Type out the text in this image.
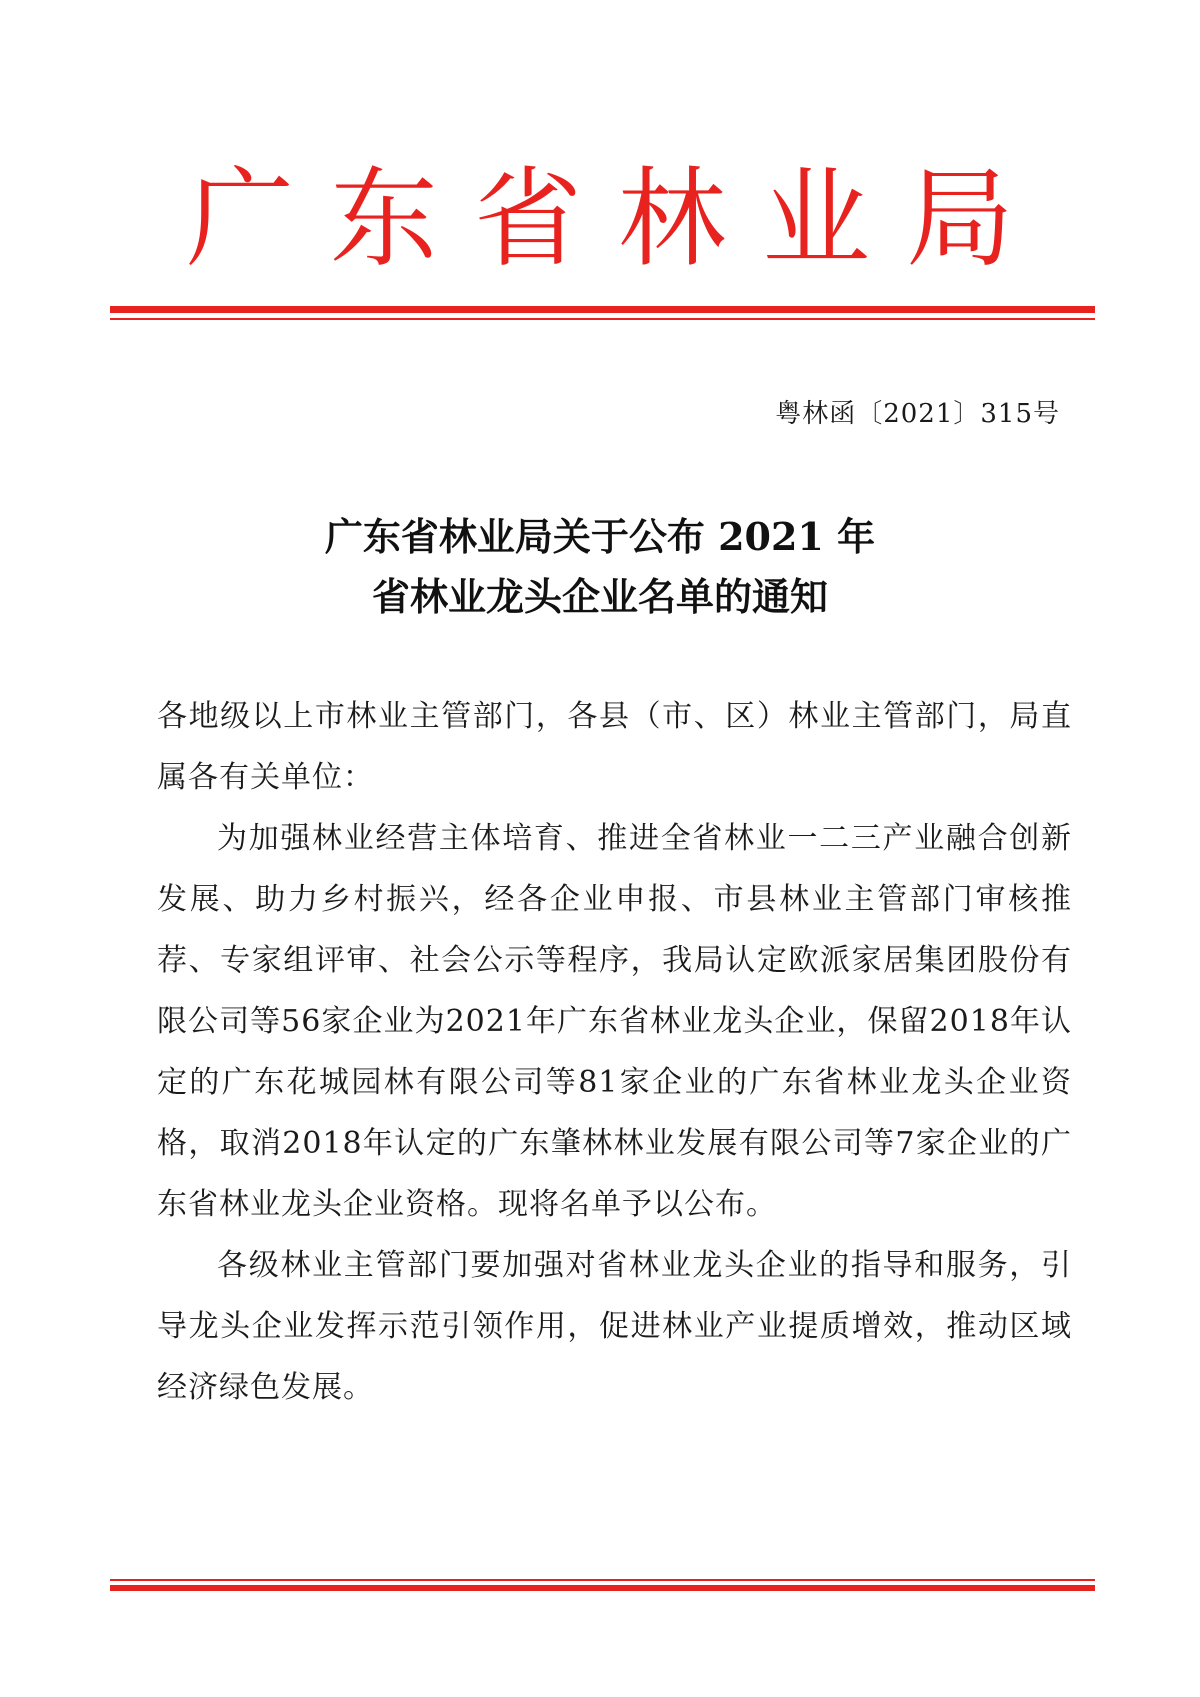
广东省林业局
粤林函〔2021〕315号
广东省林业局关于公布 2021 年
省林业龙头企业名单的通知

各地级以上市林业主管部门，各县（市、区）林业主管部门，局直属各有关单位：

为加强林业经营主体培育、推进全省林业一二三产业融合创新发展、助力乡村振兴，经各企业申报、市县林业主管部门审核推荐、专家组评审、社会公示等程序，我局认定欧派家居集团股份有限公司等56家企业为2021年广东省林业龙头企业，保留2018年认定的广东花城园林有限公司等81家企业的广东省林业龙头企业资格，取消2018年认定的广东肇林林业发展有限公司等7家企业的广东省林业龙头企业资格。现将名单予以公布。

各级林业主管部门要加强对省林业龙头企业的指导和服务，引导龙头企业发挥示范引领作用，促进林业产业提质增效，推动区域经济绿色发展。
